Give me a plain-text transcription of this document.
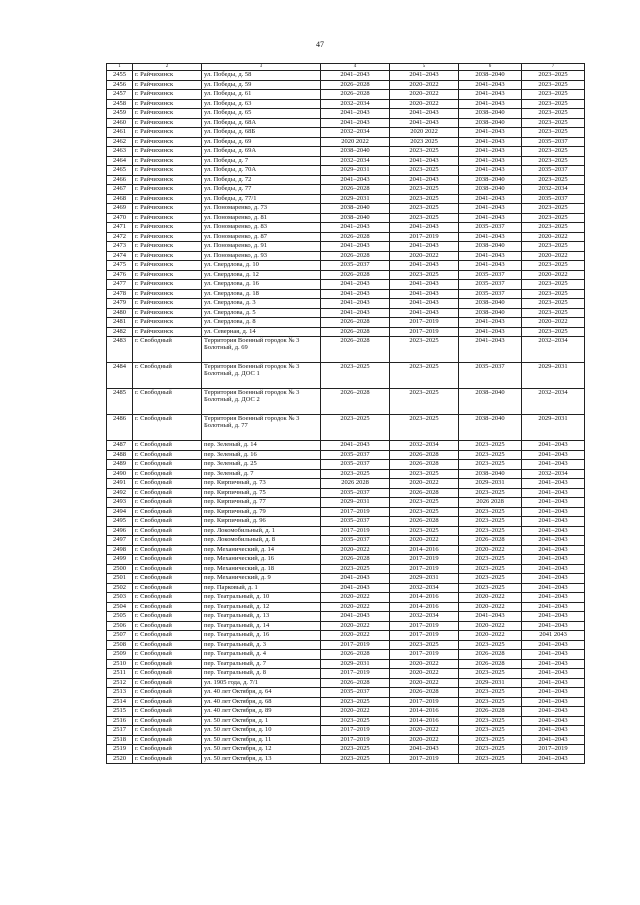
47
1	2	3	4	5	6	7
2455	г. Райчихинск	ул. Победы, д. 58	2041–2043	2041–2043	2038–2040	2023–2025
2456	г. Райчихинск	ул. Победы, д. 59	2026–2028	2020–2022	2041–2043	2023–2025
2457	г. Райчихинск	ул. Победы, д. 61	2026–2028	2020–2022	2041–2043	2023–2025
2458	г. Райчихинск	ул. Победы, д. 63	2032–2034	2020–2022	2041–2043	2023–2025
2459	г. Райчихинск	ул. Победы, д. 65	2041–2043	2041–2043	2038–2040	2023–2025
2460	г. Райчихинск	ул. Победы, д. 68А	2041–2043	2041–2043	2038–2040	2023–2025
2461	г. Райчихинск	ул. Победы, д. 68Б	2032–2034	2020 2022	2041–2043	2023–2025
2462	г. Райчихинск	ул. Победы, д. 69	2020 2022	2023 2025	2041–2043	2035–2037
2463	г. Райчихинск	ул. Победы, д. 69А	2038–2040	2023–2025	2041–2043	2023–2025
2464	г. Райчихинск	ул. Победы, д. 7	2032–2034	2041–2043	2041–2043	2023–2025
2465	г. Райчихинск	ул. Победы, д. 70А	2029–2031	2023–2025	2041–2043	2035–2037
2466	г. Райчихинск	ул. Победы, д. 72	2041–2043	2041–2043	2038–2040	2023–2025
2467	г. Райчихинск	ул. Победы, д. 77	2026–2028	2023–2025	2038–2040	2032–2034
2468	г. Райчихинск	ул. Победы, д. 77/1	2029–2031	2023–2025	2041–2043	2035–2037
2469	г. Райчихинск	ул. Пономаренко, д. 73	2038–2040	2023–2025	2041–2043	2023–2025
2470	г. Райчихинск	ул. Пономаренко, д. 81	2038–2040	2023–2025	2041–2043	2023–2025
2471	г. Райчихинск	ул. Пономаренко, д. 83	2041–2043	2041–2043	2035–2037	2023–2025
2472	г. Райчихинск	ул. Пономаренко, д. 87	2026–2028	2017–2019	2041–2043	2020–2022
2473	г. Райчихинск	ул. Пономаренко, д. 91	2041–2043	2041–2043	2038–2040	2023–2025
2474	г. Райчихинск	ул. Пономаренко, д. 93	2026–2028	2020–2022	2041–2043	2020–2022
2475	г. Райчихинск	ул. Свердлова, д. 10	2035–2037	2041–2043	2041–2043	2023–2025
2476	г. Райчихинск	ул. Свердлова, д. 12	2026–2028	2023–2025	2035–2037	2020–2022
2477	г. Райчихинск	ул. Свердлова, д. 16	2041–2043	2041–2043	2035–2037	2023–2025
2478	г. Райчихинск	ул. Свердлова, д. 18	2041–2043	2041–2043	2035–2037	2023–2025
2479	г. Райчихинск	ул. Свердлова, д. 3	2041–2043	2041–2043	2038–2040	2023–2025
2480	г. Райчихинск	ул. Свердлова, д. 5	2041–2043	2041–2043	2038–2040	2023–2025
2481	г. Райчихинск	ул. Свердлова, д. 8	2026–2028	2017–2019	2041–2043	2020–2022
2482	г. Райчихинск	ул. Северная, д. 14	2026–2028	2017–2019	2041–2043	2023–2025
2483	г. Свободный	Территория Военный городок № 3 Болотный, д. 69	2026–2028	2023–2025	2041–2043	2032–2034
2484	г. Свободный	Территория Военный городок № 3 Болотный, д. ДОС 1	2023–2025	2023–2025	2035–2037	2029–2031
2485	г. Свободный	Территория Военный городок № 3 Болотный, д. ДОС 2	2026–2028	2023–2025	2038–2040	2032–2034
2486	г. Свободный	Территория Военный городок № 3 Болотный, д. 77	2023–2025	2023–2025	2038–2040	2029–2031
2487	г. Свободный	пер. Зеленый, д. 14	2041–2043	2032–2034	2023–2025	2041–2043
2488	г. Свободный	пер. Зеленый, д. 16	2035–2037	2026–2028	2023–2025	2041–2043
2489	г. Свободный	пер. Зеленый, д. 25	2035–2037	2026–2028	2023–2025	2041–2043
2490	г. Свободный	пер. Зеленый, д. 7	2023–2025	2023–2025	2038–2040	2032–2034
2491	г. Свободный	пер. Кирпичный, д. 73	2026 2028	2020–2022	2029–2031	2041–2043
2492	г. Свободный	пер. Кирпичный, д. 75	2035–2037	2026–2028	2023–2025	2041–2043
2493	г. Свободный	пер. Кирпичный, д. 77	2029–2031	2023–2025	2026 2028	2041–2043
2494	г. Свободный	пер. Кирпичный, д. 79	2017–2019	2023–2025	2023–2025	2041–2043
2495	г. Свободный	пер. Кирпичный, д. 96	2035–2037	2026–2028	2023–2025	2041–2043
2496	г. Свободный	пер. Локомобильный, д. 1	2017–2019	2023–2025	2023–2025	2041–2043
2497	г. Свободный	пер. Локомобильный, д. 8	2035–2037	2020–2022	2026–2028	2041–2043
2498	г. Свободный	пер. Механический, д. 14	2020–2022	2014–2016	2020–2022	2041–2043
2499	г. Свободный	пер. Механический, д. 16	2026–2028	2017–2019	2023–2025	2041–2043
2500	г. Свободный	пер. Механический, д. 18	2023–2025	2017–2019	2023–2025	2041–2043
2501	г. Свободный	пер. Механический, д. 9	2041–2043	2029–2031	2023–2025	2041–2043
2502	г. Свободный	пер. Парковый, д. 1	2041–2043	2032–2034	2023–2025	2041–2043
2503	г. Свободный	пер. Театральный, д. 10	2020–2022	2014–2016	2020–2022	2041–2043
2504	г. Свободный	пер. Театральный, д. 12	2020–2022	2014–2016	2020–2022	2041–2043
2505	г. Свободный	пер. Театральный, д. 13	2041–2043	2032–2034	2041–2043	2041–2043
2506	г. Свободный	пер. Театральный, д. 14	2020–2022	2017–2019	2020–2022	2041–2043
2507	г. Свободный	пер. Театральный, д. 16	2020–2022	2017–2019	2020–2022	2041 2043
2508	г. Свободный	пер. Театральный, д. 3	2017–2019	2023–2025	2023–2025	2041–2043
2509	г. Свободный	пер. Театральный, д. 4	2026–2028	2017–2019	2026–2028	2041–2043
2510	г. Свободный	пер. Театральный, д. 7	2029–2031	2020–2022	2026–2028	2041–2043
2511	г. Свободный	пер. Театральный, д. 8	2017–2019	2020–2022	2023–2025	2041–2043
2512	г. Свободный	ул. 1905 года, д. 7/1	2026–2028	2020–2022	2029–2031	2041–2043
2513	г. Свободный	ул. 40 лет Октября, д. 64	2035–2037	2026–2028	2023–2025	2041–2043
2514	г. Свободный	ул. 40 лет Октября, д. 68	2023–2025	2017–2019	2023–2025	2041–2043
2515	г. Свободный	ул. 40 лет Октября, д. 89	2020–2022	2014–2016	2026–2028	2041–2043
2516	г. Свободный	ул. 50 лет Октября, д. 1	2023–2025	2014–2016	2023–2025	2041–2043
2517	г. Свободный	ул. 50 лет Октября, д. 10	2017–2019	2020–2022	2023–2025	2041–2043
2518	г. Свободный	ул. 50 лет Октября, д. 11	2017–2019	2020–2022	2023–2025	2041–2043
2519	г. Свободный	ул. 50 лет Октября, д. 12	2023–2025	2041–2043	2023–2025	2017–2019
2520	г. Свободный	ул. 50 лет Октября, д. 13	2023–2025	2017–2019	2023–2025	2041–2043
